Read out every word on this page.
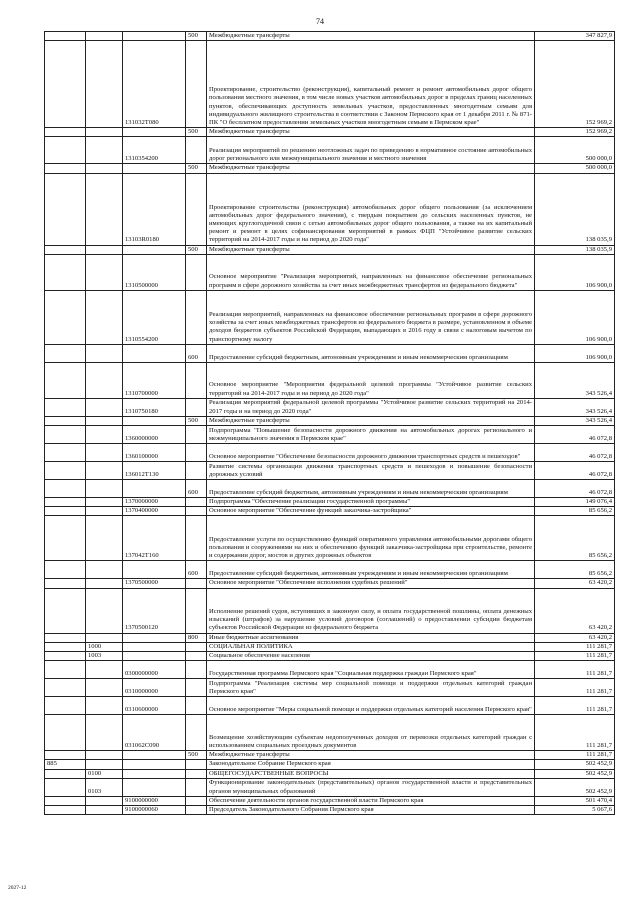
74
			500	Межбюджетные трансферты	347 827,9
		131032Т080		Проектирование, строительство (реконструкция), капитальный ремонт и ремонт автомобильных дорог общего пользования местного значения, в том числе новых участков автомобильных дорог в пределах границ населенных пунктов, обеспечивающих доступность земельных участков, предоставленных многодетным семьям для индивидуального жилищного строительства в соответствии с Законом Пермского края от 1 декабря 2011 г. № 871-ПК "О бесплатном предоставлении земельных участков многодетным семьям в Пермском крае"	152 969,2
			500	Межбюджетные трансферты	152 969,2
		1310354200		Реализация мероприятий по решению неотложных задач по приведению в нормативное состояние автомобильных дорог регионального или межмуниципального значения и местного значения	500 000,0
			500	Межбюджетные трансферты	500 000,0
		13103R0180		Проектирование строительства (реконструкция) автомобильных дорог общего пользования (за исключением автомобильных дорог федерального значения), с твердым покрытием до сельских населенных пунктов, не имеющих круглогодичной связи с сетью автомобильных дорог общего пользования, а также на их капитальный ремонт и ремонт в целях софинансирования мероприятий в рамках ФЦП "Устойчивое развитие сельских территорий на 2014-2017 годы и на период до 2020 года"	138 035,9
			500	Межбюджетные трансферты	138 035,9
		1310500000		Основное мероприятие "Реализация мероприятий, направленных на финансовое обеспечение региональных программ в сфере дорожного хозяйства за счет иных межбюджетных трансфертов из федерального бюджета"	106 900,0
		1310554200		Реализация мероприятий, направленных на финансовое обеспечение региональных программ в сфере дорожного хозяйства за счет иных межбюджетных трансфертов из федерального бюджета в размере, установленном в объеме доходов бюджетов субъектов Российской Федерации, выпадающих в 2016 году в связи с налоговым вычетом по транспортному налогу	106 900,0
			600	Предоставление субсидий бюджетным, автономным учреждениям и иным некоммерческим организациям	106 900,0
		1310700000		Основное мероприятие "Мероприятия федеральной целевой программы "Устойчивое развитие сельских территорий на 2014-2017 годы и на период до 2020 года"	343 526,4
		1310750180		Реализация мероприятий федеральной целевой программы "Устойчивое развитие сельских территорий на 2014-2017 годы и на период до 2020 года"	343 526,4
			500	Межбюджетные трансферты	343 526,4
		1360000000		Подпрограмма "Повышение безопасности дорожного движения на автомобильных дорогах регионального и межмуниципального значения в Пермском крае"	46 072,8
		1360100000		Основное мероприятие "Обеспечение безопасности дорожного движения транспортных средств и пешеходов"	46 072,8
		136012Т130		Развитие системы организации движения транспортных средств и пешеходов и повышение безопасности дорожных условий	46 072,8
			600	Предоставление субсидий бюджетным, автономным учреждениям и иным некоммерческим организациям	46 072,8
		1370000000		Подпрограмма "Обеспечение реализации государственной программы"	149 076,4
		1370400000		Основное мероприятие "Обеспечение функций заказчика-застройщика"	85 656,2
		137042Т160		Предоставление услуги по осуществлению функций оперативного управления автомобильными дорогами общего пользования и сооружениями на них и обеспечению функций заказчика-застройщика при строительстве, ремонте и содержании дорог, мостов и других дорожных объектов	85 656,2
			600	Предоставление субсидий бюджетным, автономным учреждениям и иным некоммерческим организациям	85 656,2
		1370500000		Основное мероприятие "Обеспечение исполнения судебных решений"	63 420,2
		1370500120		Исполнение решений судов, вступивших в законную силу, и оплата государственной пошлины, оплата денежных изысканий (штрафов) за нарушение условий договоров (соглашений) о предоставлении субсидии бюджетам субъектов Российской Федерации из федерального бюджета	63 420,2
			800	Иные бюджетные ассигнования	63 420,2
	1000			СОЦИАЛЬНАЯ ПОЛИТИКА	111 281,7
	1003			Социальное обеспечение населения	111 281,7
		0300000000		Государственная программа Пермского края "Социальная поддержка граждан Пермского края"	111 281,7
		0310000000		Подпрограмма "Реализация системы мер социальной помощи и поддержки отдельных категорий граждан Пермского края"	111 281,7
		0310600000		Основное мероприятие "Меры социальной помощи и поддержки отдельных категорий населения Пермского края"	111 281,7
		031062С090		Возмещение хозяйствующим субъектам недополученных доходов от перевозки отдельных категорий граждан с использованием социальных проездных документов	111 281,7
			500	Межбюджетные трансферты	111 281,7
885				Законодательное Собрание Пермского края	502 452,9
	0100			ОБЩЕГОСУДАРСТВЕННЫЕ ВОПРОСЫ	502 452,9
	0103			Функционирование законодательных (представительных) органов государственной власти и представительных органов муниципальных образований	502 452,9
		9100000000		Обеспечение деятельности органов государственной власти Пермского края	501 470,4
		9100000060		Председатель Законодательного Собрания Пермского края	5 067,6
2027-12
